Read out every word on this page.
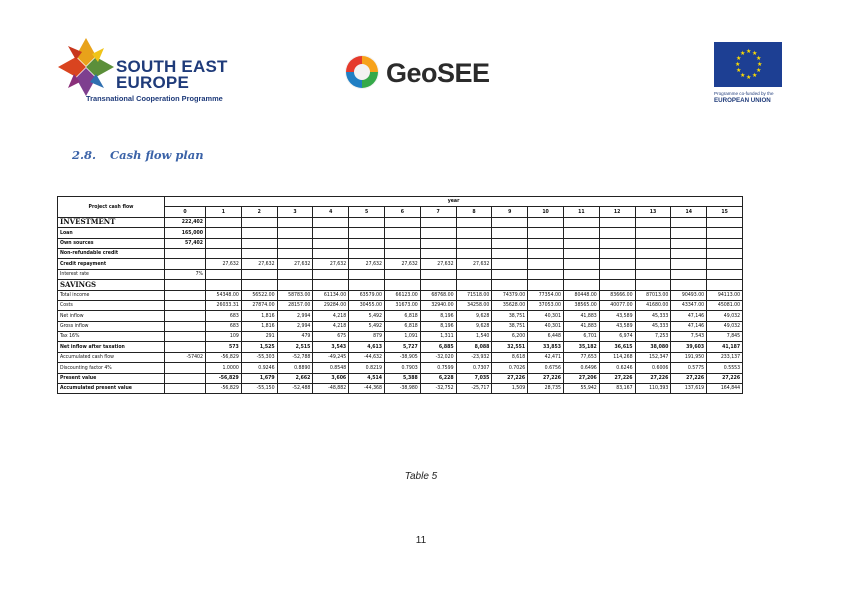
SOUTH EAST
EUROPE
Transnational Cooperation Programme
GeoSEE
★ ★
★
★
★
★
★
★
★
★
★
★
Programme co-funded by the
EUROPEAN UNION
2.8. Cash flow plan
Project cash flow	year															
	0	1	2	3	4	5	6	7	8	9	10	11	12	13	14	15
INVESTMENT	222,402															
Loan	165,000															
Own sources	57,402															
Non-refundable credit																
Credit repayment		27,632	27,632	27,632	27,632	27,632	27,632	27,632	27,632							
Interest rate	7%															
SAVINGS																
Total income		54348.00	56522.00	58783.00	61134.00	63579.00	66123.00	68768.00	71518.00	74379.00	77354.00	80448.00	83666.00	87013.00	90493.00	94113.00
Costs		26033.31	27874.00	28157.00	29284.00	30455.00	31673.00	32940.00	34258.00	35628.00	37053.00	38565.00	40077.00	41680.00	43347.00	45081.00
Net inflow		683	1,816	2,994	4,218	5,492	6,818	8,196	9,628	38,751	40,301	41,883	43,589	45,333	47,146	49,032
Gross inflow		683	1,816	2,994	4,218	5,492	6,818	8,196	9,628	38,751	40,301	41,883	43,589	45,333	47,146	49,032
Tax 16%		109	291	479	675	879	1,091	1,311	1,540	6,200	6,448	6,701	6,974	7,253	7,543	7,845
Net inflow after taxation		573	1,525	2,515	3,543	4,613	5,727	6,885	8,088	32,551	33,853	35,182	36,615	38,080	39,603	41,187
Accumulated cash flow	-57402	-56,829	-55,303	-52,788	-49,245	-44,632	-38,905	-32,020	-23,932	8,618	42,471	77,653	114,268	152,347	191,950	233,137
Discounting factor 4%		1.0000	0.9246	0.8890	0.8548	0.8219	0.7903	0.7599	0.7307	0.7026	0.6756	0.6496	0.6246	0.6006	0.5775	0.5553
Present value		-56,829	1,679	2,662	3,606	4,514	5,388	6,228	7,035	27,226	27,226	27,206	27,226	27,226	27,226	27,226
Accumulated present value		-56,829	-55,150	-52,488	-48,882	-44,368	-38,980	-32,752	-25,717	1,509	28,735	55,942	83,167	110,393	137,619	164,844
Table 5
11
